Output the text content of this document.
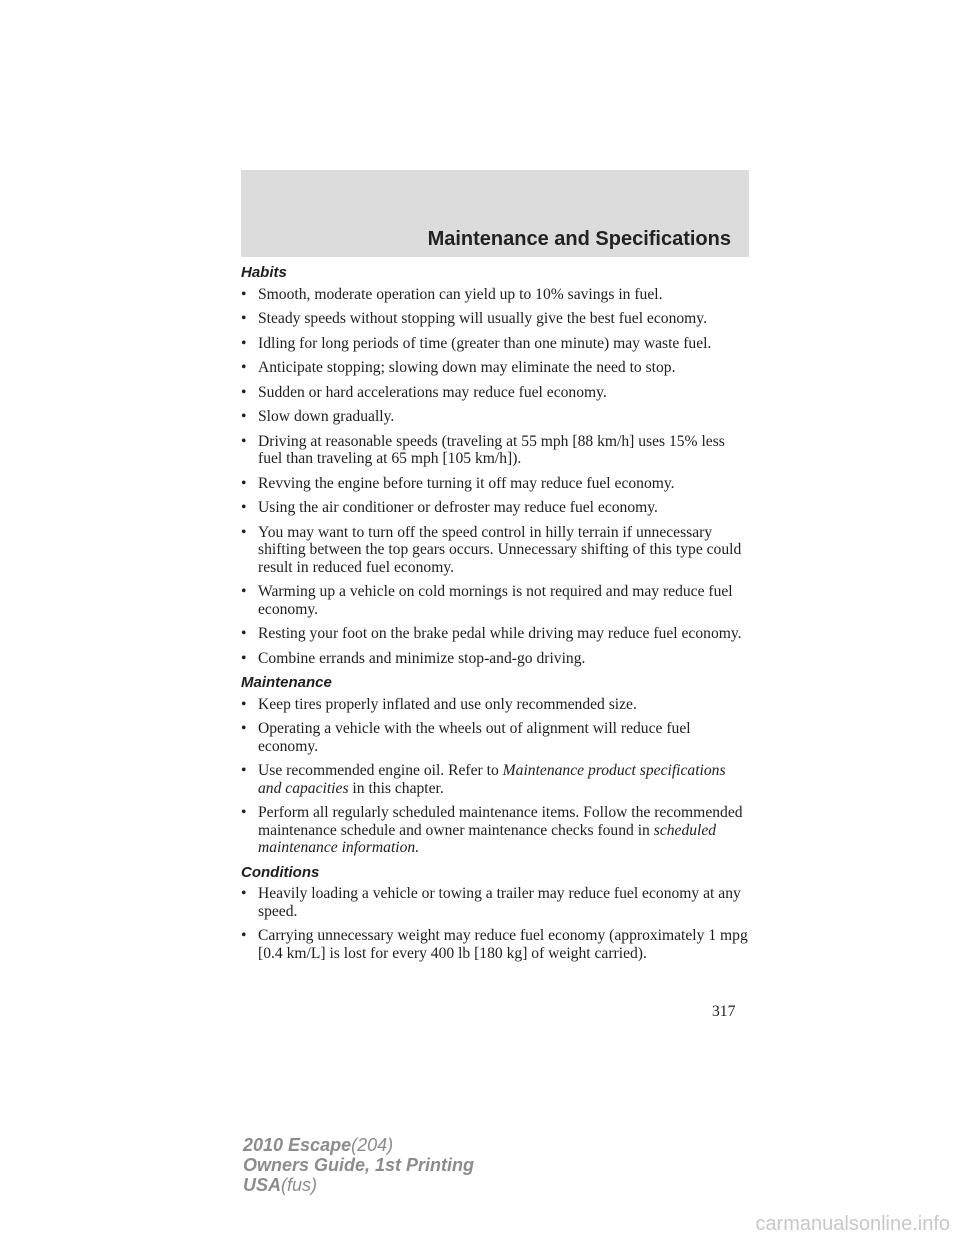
Maintenance and Specifications
Habits
• Smooth, moderate operation can yield up to 10% savings in fuel.
• Steady speeds without stopping will usually give the best fuel economy.
• Idling for long periods of time (greater than one minute) may waste fuel.
• Anticipate stopping; slowing down may eliminate the need to stop.
• Sudden or hard accelerations may reduce fuel economy.
• Slow down gradually.
• Driving at reasonable speeds (traveling at 55 mph [88 km/h] uses 15% less fuel than traveling at 65 mph [105 km/h]).
• Revving the engine before turning it off may reduce fuel economy.
• Using the air conditioner or defroster may reduce fuel economy.
• You may want to turn off the speed control in hilly terrain if unnecessary shifting between the top gears occurs. Unnecessary shifting of this type could result in reduced fuel economy.
• Warming up a vehicle on cold mornings is not required and may reduce fuel economy.
• Resting your foot on the brake pedal while driving may reduce fuel economy.
• Combine errands and minimize stop-and-go driving.
Maintenance
• Keep tires properly inflated and use only recommended size.
• Operating a vehicle with the wheels out of alignment will reduce fuel economy.
• Use recommended engine oil. Refer to Maintenance product specifications and capacities in this chapter.
• Perform all regularly scheduled maintenance items. Follow the recommended maintenance schedule and owner maintenance checks found in scheduled maintenance information.
Conditions
• Heavily loading a vehicle or towing a trailer may reduce fuel economy at any speed.
• Carrying unnecessary weight may reduce fuel economy (approximately 1 mpg [0.4 km/L] is lost for every 400 lb [180 kg] of weight carried).
317
2010 Escape(204)
Owners Guide, 1st Printing
USA(fus)
carmanualsonline.info
